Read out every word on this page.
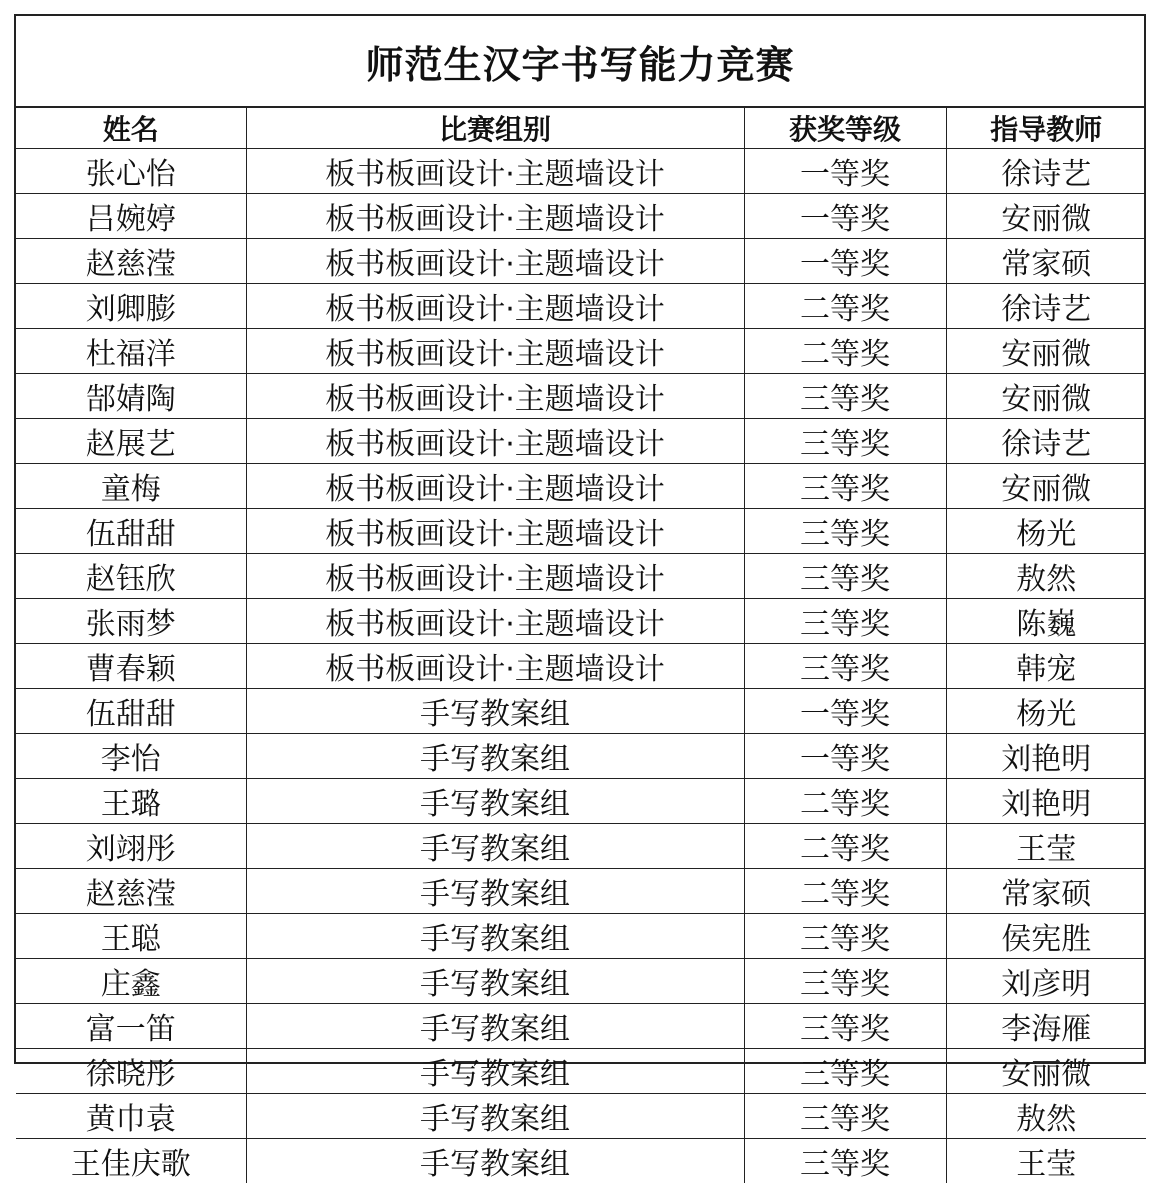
师范生汉字书写能力竞赛
姓名	比赛组别	获奖等级	指导教师
张心怡	板书板画设计·主题墙设计	一等奖	徐诗艺
吕婉婷	板书板画设计·主题墙设计	一等奖	安丽微
赵慈滢	板书板画设计·主题墙设计	一等奖	常家硕
刘卿膨	板书板画设计·主题墙设计	二等奖	徐诗艺
杜福洋	板书板画设计·主题墙设计	二等奖	安丽微
郜婧陶	板书板画设计·主题墙设计	三等奖	安丽微
赵展艺	板书板画设计·主题墙设计	三等奖	徐诗艺
童梅	板书板画设计·主题墙设计	三等奖	安丽微
伍甜甜	板书板画设计·主题墙设计	三等奖	杨光
赵钰欣	板书板画设计·主题墙设计	三等奖	敖然
张雨梦	板书板画设计·主题墙设计	三等奖	陈巍
曹春颖	板书板画设计·主题墙设计	三等奖	韩宠
伍甜甜	手写教案组	一等奖	杨光
李怡	手写教案组	一等奖	刘艳明
王璐	手写教案组	二等奖	刘艳明
刘翊彤	手写教案组	二等奖	王莹
赵慈滢	手写教案组	二等奖	常家硕
王聪	手写教案组	三等奖	侯宪胜
庄鑫	手写教案组	三等奖	刘彦明
富一笛	手写教案组	三等奖	李海雁
徐晓彤	手写教案组	三等奖	安丽微
黄巾袁	手写教案组	三等奖	敖然
王佳庆歌	手写教案组	三等奖	王莹
